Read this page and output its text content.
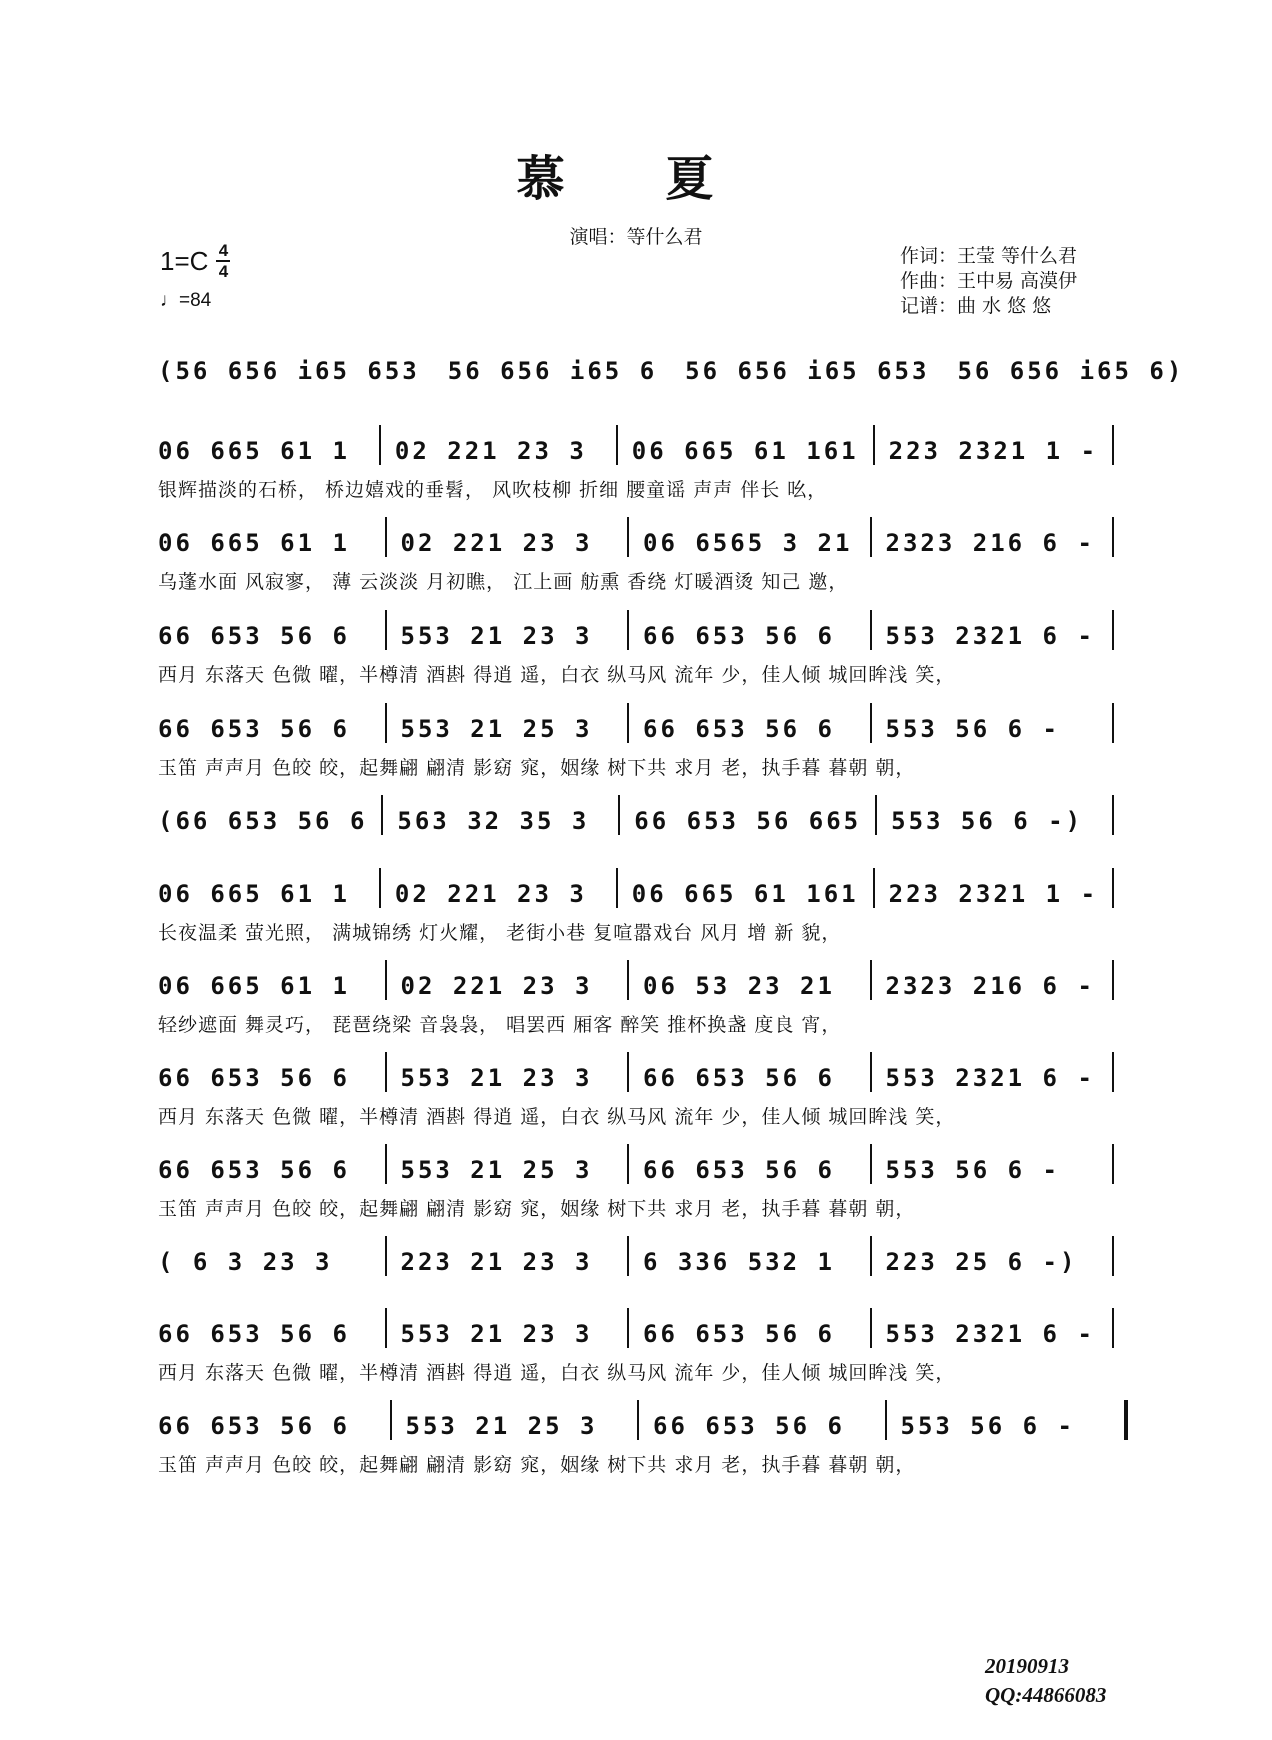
慕 夏
演唱：等什么君
$1=C \frac{4}{4}$
♩=84
作词：王莹 等什么君
作曲：王中易 高漠伊
记谱：曲 水 悠 悠
(56 656 i65 653 56 656 i65 6 56 656 i65 653 56 656 i65 6)
06 665 61 1	02 221 23 3	06 665 61 161 223 2321 1 -
银辉描淡的石桥， 桥边嬉戏的垂髫， 风吹枝柳 折细 腰童谣 声声 伴长 吆，
06 665 61 1	02 221 23 3	06 6565 3 21 2323 216 6 -
乌蓬水面 风寂寥， 薄 云淡淡 月初瞧， 江上画 舫熏 香绕 灯暖酒烫 知己 邀，
66 653 56 6	553 21 23 3	66 653 56 6	553 2321 6 -
西月 东落天 色微 曜，半樽清 酒斟 得逍 遥，白衣 纵马风 流年 少，佳人倾 城回眸浅 笑，
66 653 56 6	553 21 25 3	66 653 56 6	553 56 6 -
玉笛 声声月 色皎 皎，起舞翩 翩清 影窈 窕，姻缘 树下共 求月 老，执手暮 暮朝 朝，
(66 653 56 6 563 32 35 3	66 653 56 665 553 56 6 -)
06 665 61 1	02 221 23 3	06 665 61 161 223 2321 1 -
长夜温柔 萤光照， 满城锦绣 灯火耀， 老街小巷 复喧嚣戏台 风月 增 新 貌，
06 665 61 1	02 221 23 3	06 53 23 21	2323 216 6 -
轻纱遮面 舞灵巧， 琵琶绕梁 音袅袅， 唱罢西 厢客 醉笑 推杯换盏 度良 宵，
66 653 56 6	553 21 23 3	66 653 56 6	553 2321 6 -
西月 东落天 色微 曜，半樽清 酒斟 得逍 遥，白衣 纵马风 流年 少，佳人倾 城回眸浅 笑，
66 653 56 6	553 21 25 3	66 653 56 6	553 56 6 -
玉笛 声声月 色皎 皎，起舞翩 翩清 影窈 窕，姻缘 树下共 求月 老，执手暮 暮朝 朝，
( 6 3 23 3	223 21 23 3	6 336 532 1	223 25 6 -)
66 653 56 6	553 21 23 3	66 653 56 6	553 2321 6 -
西月 东落天 色微 曜，半樽清 酒斟 得逍 遥，白衣 纵马风 流年 少，佳人倾 城回眸浅 笑，
66 653 56 6	553 21 25 3	66 653 56 6	553 56 6 -
玉笛 声声月 色皎 皎，起舞翩 翩清 影窈 窕，姻缘 树下共 求月 老，执手暮 暮朝 朝，
20190913
QQ:44866083
